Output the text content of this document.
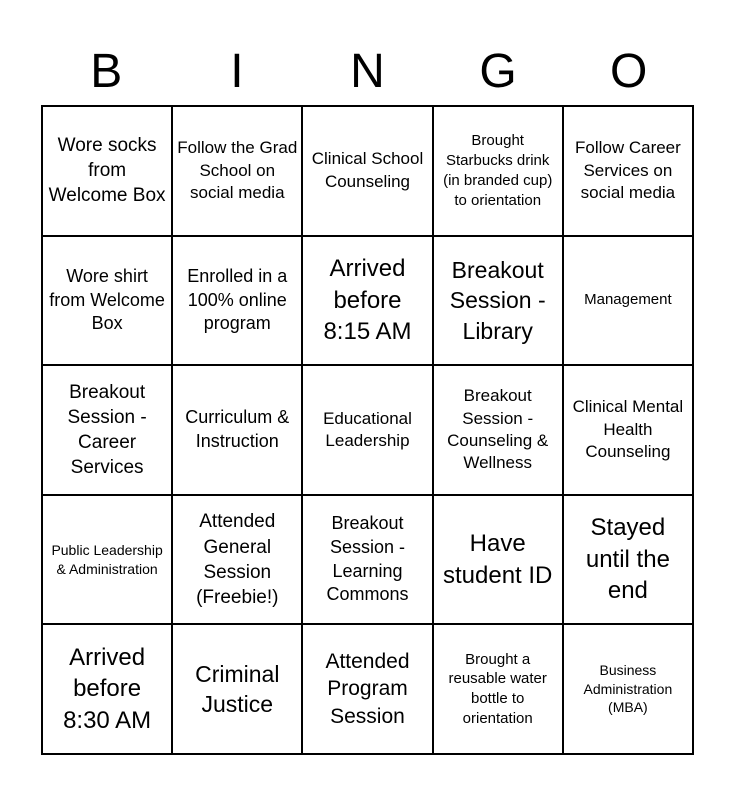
B	I	N	G	O
Wore socks from Welcome Box
Follow the Grad School on social media
Clinical School Counseling
Brought Starbucks drink (in branded cup) to orientation
Follow Career Services on social media
Wore shirt from Welcome Box
Enrolled in a 100% online program
Arrived before 8:15 AM
Breakout Session - Library
Management
Breakout Session - Career Services
Curriculum & Instruction
Educational Leadership
Breakout Session - Counseling & Wellness
Clinical Mental Health Counseling
Public Leadership & Administration
Attended General Session (Freebie!)
Breakout Session - Learning Commons
Have student ID
Stayed until the end
Arrived before 8:30 AM
Criminal Justice
Attended Program Session
Brought a reusable water bottle to orientation
Business Administration (MBA)
